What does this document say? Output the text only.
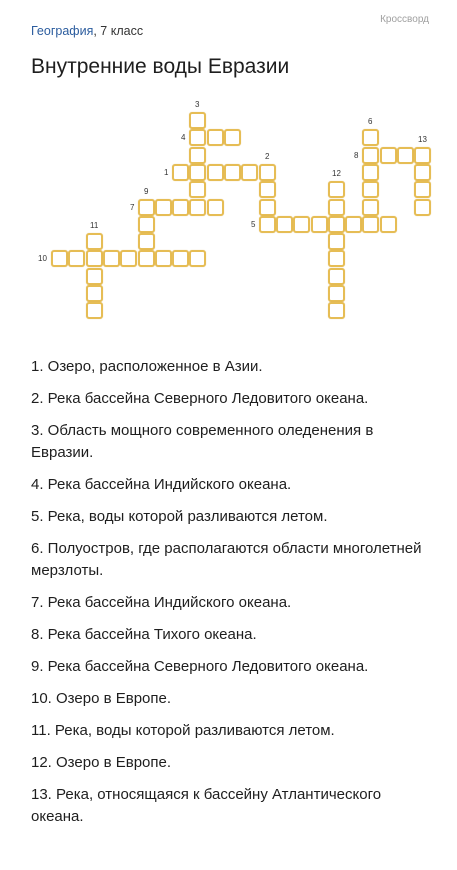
География, 7 класс
Кроссворд
Внутренние воды Евразии
1
2
3
4
5
6
7
8
9
10
11
12
13
1. Озеро, расположенное в Азии.
2. Река бассейна Северного Ледовитого океана.
3. Область мощного современного оледенения в Евразии.
4. Река бассейна Индийского океана.
5. Река, воды которой разливаются летом.
6. Полуостров, где располагаются области многолетней мерзлоты.
7. Река бассейна Индийского океана.
8. Река бассейна Тихого океана.
9. Река бассейна Северного Ледовитого океана.
10. Озеро в Европе.
11. Река, воды которой разливаются летом.
12. Озеро в Европе.
13. Река, относящаяся к бассейну Атлантического океана.
